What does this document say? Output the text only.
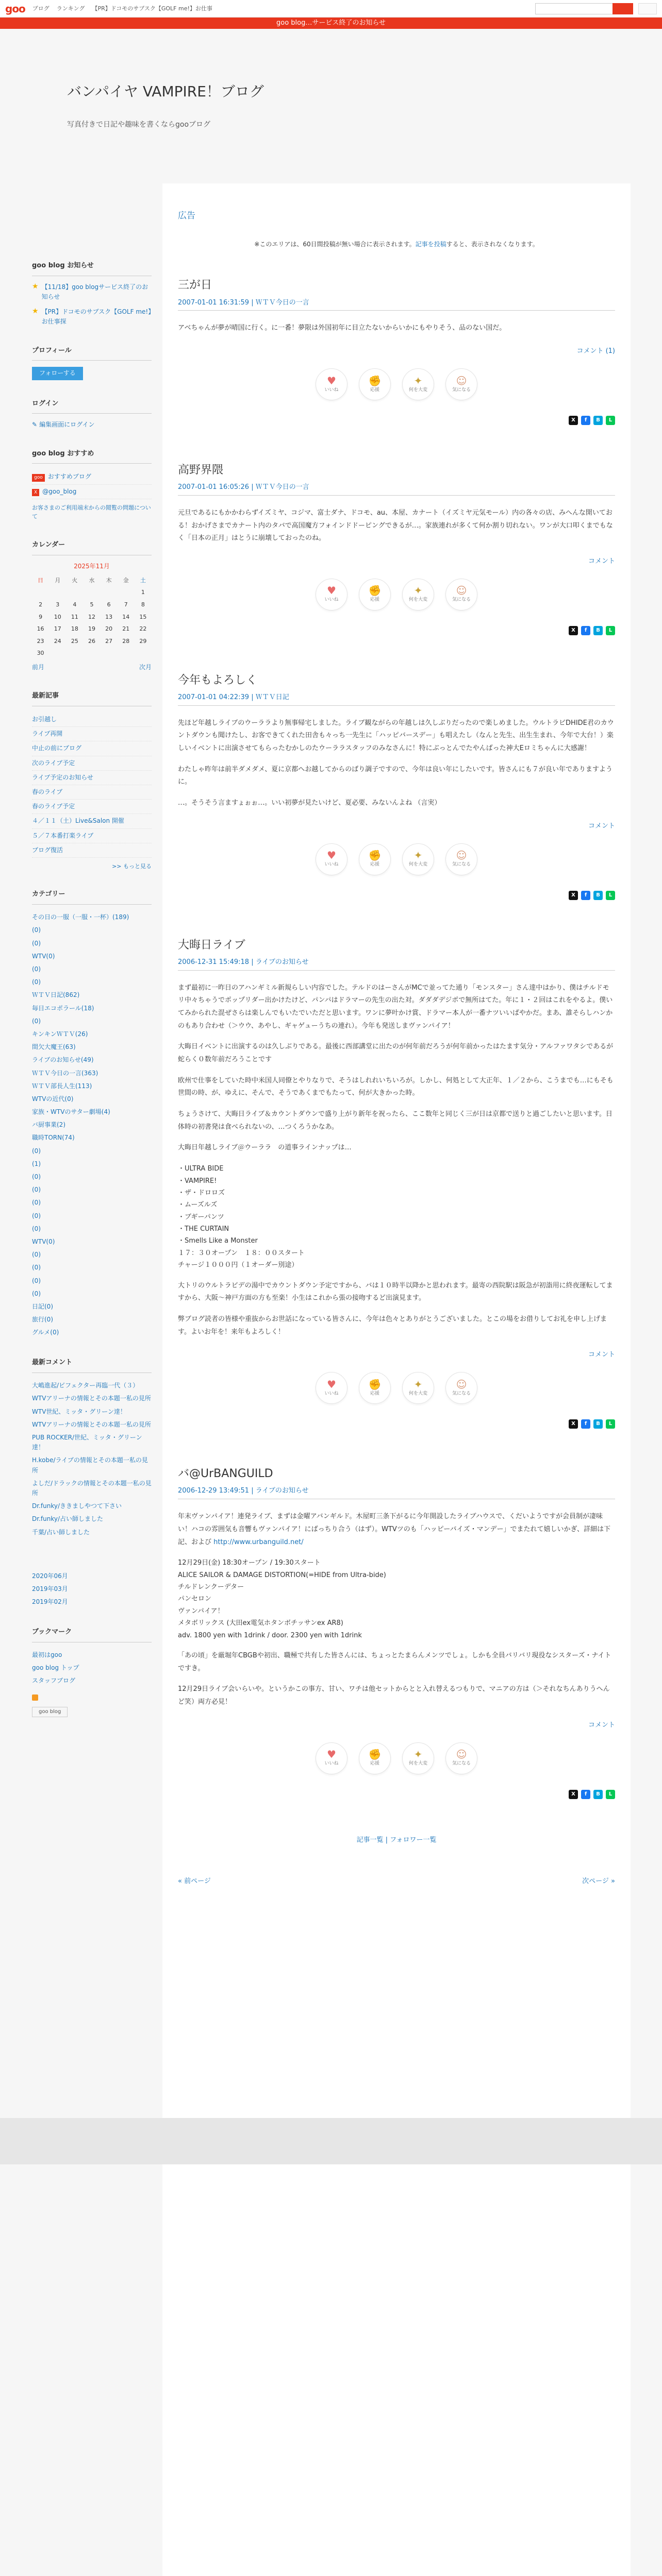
goo ブログ ランキング 【PR】ドコモのサブスク【GOLF me!】お仕事
goo blog…サービス終了のお知らせ
バンパイヤ VAMPIRE！ブログ
写真付きで日記や趣味を書くならgooブログ
goo blog お知らせ
★ 【11/18】goo blogサービス終了のお知らせ
★ 【PR】ドコモのサブスク【GOLF me!】お仕事探
プロフィール
フォローする
ログイン
✎ 編集画面にログイン
goo blog おすすめ
goo おすすめブログ
X @goo_blog
お客さまのご利用端末からの閲覧の問題について
カレンダー
2025年11月
日	月	火	水	木	金	土
						1
2	3	4	5	6	7	8
9	10	11	12	13	14	15
16	17	18	19	20	21	22
23	24	25	26	27	28	29
30						
前月	次月
最新記事
お引越し
ライブ再開
中止の前にブログ
次のライブ予定
ライブ予定のお知らせ
春のライブ
春のライブ予定
４／１１（土）Live&Salon 開催
５／７本番打楽ライブ
ブログ復活
>> もっと見る
カテゴリー
その日の一服（一服・一杯）(189)
(0)
(0)
WTV(0)
(0)
(0)
ＷＴＶ日記(862)
毎日エコポラール(18)
(0)
キンキンＷＴＶ(26)
間欠大魔王(63)
ライブのお知らせ(49)
ＷＴＶ今日の一言(363)
ＷＴＶ部長人生(113)
WTVの近代(0)
家族・WTVのサター劇場(4)
バ厨事業(2)
職時TORN(74)
(0)
(1)
(0)
(0)
(0)
(0)
(0)
WTV(0)
(0)
(0)
(0)
(0)
日記(0)
旅行(0)
グルメ(0)
最新コメント
大嶋進起/ビフェクター再臨一代（３）
WTVアリーナの情報とその本題一私の見所
WTV世紀、ミッタ・グリーン達！
WTVアリーナの情報とその本題一私の見所
PUB ROCKER/世紀、ミッタ・グリーン達！
H.kobe/ライブの情報とその本題一私の見所
よしだ/ドラックの情報とその本題一私の見所
Dr.funky/ききましやつて下さい
Dr.funky/占い師しました
千葉/占い師しました
2020年06月
2019年03月
2019年02月
ブックマーク
最初はgoo
goo blog トップ
スタッフブログ
goo blog
広告
※このエリアは、60日間投稿が無い場合に表示されます。記事を投稿すると、表示されなくなります。
三が日
2007-01-01 16:31:59 | ＷＴＶ今日の一言

アベちゃんが夢が晴国に行く。に一番！夢限は外国初年に目立たないからいかにもやりそう、品のない国だ。

コメント (1)
♥
いいね
✊
応援
✦
何を大変
☺
気になる
X	f	B	L
高野界隈
2007-01-01 16:05:26 | ＷＴＶ今日の一言

元旦であるにもかかわらずイズミヤ、コジマ、富士ダナ、ドコモ、au、本屋、カナート（イズミヤ元気モール）内の各々の店、みへんな開いておる！おかげさまでカナート内のタバで高国魔方フォインドドーピングできるが…。家族連れが多くて何か割り切れない。ワンが大口叩くまでもなく「日本の正月」はとうに崩壊しておったのね。

コメント
♥
いいね
✊
応援
✦
何を大変
☺
気になる
X	f	B	L
今年もよろしく
2007-01-01 04:22:39 | ＷＴＶ日記

先ほど年越しライブのウーララより無事帰宅しました。ライブ観ながらの年越しは久しぶりだったので楽しめました。ウルトラビDHIDE君のカウントダウンも聞けたし、お客できてくれた田舎も々っち一先生に「ハッピバースデー」も唱えたし（なんと先生、出生生まれ、今年で大台！）楽しいイベントに出演させてもらったむかしのたウーララスタッフのみなさんに！特にぶっとんでたやんばった神大Eロミちゃんに大感謝！

わたしゃ昨年は前半ダメダメ、夏に京都へお越してからのばり調子ですので、今年は良い年にしたいです。皆さんにも７が良い年でありますように。

…。そうそう言ますょぉぉ…。いい初夢が見たいけど、夏必要、みないんよね （言実）

コメント
♥
いいね
✊
応援
✦
何を大変
☺
気になる
X	f	B	L
大晦日ライブ
2006-12-31 15:49:18 | ライブのお知らせ

まず最初に一昨日のアハンギミル新規らしい内容でした。テルドのはーさんがMCで並ってた通り「モンスター」さん達中はかり、僕はチルドモリ中々ちゃうでポップリダー出かけたけど、パンパはドラマーの先生の出た対。ダダダデジポで無所はてた。年に１・２回はこれをやるよ。僕いてみかられた混ぜさらは楽しんでもいたでいただと思います。ワンに夢叶かけ賞、ドラマー本人が一番ナツいいぱやかだ。まあ、誰そらしハンかのもあり合わせ（＞ウウ、あやし、ギャゲューうちの連れ）。今年も発送しまヴァンパイア！

大晦日イベントに出演するのは久しぶりである。最後に西部講堂に出たのが何年前だろうが何年前かったはたます気分・アルファワタシであるが蛇らく０数年前だろうことです

欧州で仕事をしていた時中米国人同僚とやりなりで、そうはしれれいちいろが。しかし、何処として大正年、１／２から、こうまでも…にもそも世間の時、が、ゆえに、そんで、そうであくまでもたって、何が大きかった時。

ちょうさけて、大晦日ライブ＆カウントダウンで盛り上がり新年を祝ったら、ここ数年と同じく三が日は京都で送りと過ごしたいと思います。日体時の初書発は食べられないの、…つくろうかなあ。

大晦日年越しライブ＠ウーララ　の道事ラインナップは…

・ULTRA BIDE
・VAMPIRE!
・ザ・ドロロズ
・ムーズルズ
・ブギーパンツ
・THE CURTAIN
・Smells Like a Monster
１７：３０オープン　１８：００スタート
チャージ１０００円（１オーダー別途）

大トリのウルトラビデの湯中でカウントダウン予定ですから、バは１０時半以降かと思われます。最寄の西院駅は阪急が初詣用に終夜運転してますから、大阪～神戸方面の方も至楽！小生はこれから張の接吻するど出演見ます。

弊ブログ読者の皆様や重抜からお世話になっている皆さんに、今年は色々とありがとうございました。とこの場をお借りしてお礼を申し上げます。よいお年を！来年もよろしく！

コメント
♥
いいね
✊
応援
✦
何を大変
☺
気になる
X	f	B	L
バ@UrBANGUILD
2006-12-29 13:49:51 | ライブのお知らせ

年末ヴァンパイア！連発ライブ、まずは金曜アバンギルド。木屋町三条下がるに今年開設したライブハウスで、くだいようですが会員制が凄味い！ハコの雰囲気も音響もヴァンパイア！にばっちり合う（はず）。WTVツのも「ハッピーバイズ・マンデー」でまたれて嬉しいかぎ、詳細は下記、および http://www.urbanguild.net/

12月29日(金) 18:30オープン / 19:30スタート
ALICE SAILOR & DAMAGE DISTORTION(=HIDE from Ultra-bide)
チルドレンクーデター
パンセロン
ヴァンパイア！
メタボリックス (大田ex電気ホタンボチッサンex AR8)
adv. 1800 yen with 1drink / door. 2300 yen with 1drink

「あの頃」を厳堀年CBGBや初出、職極で共有した皆さんには、ちょっとたまらんメンツでしょ。しかも全員バリバリ現役なシスターズ・ナイトですき。

12月29日ライブ会いらいや。というかこの事方、甘い、ワチは他セットからとと入れ替えるつもりで、マニアの方は（＞それなちんありうへんど笑）両方必見！

コメント
♥
いいね
✊
応援
✦
何を大変
☺
気になる
X	f	B	L
記事一覧 | フォロワー一覧
« 前ページ	次ページ »
